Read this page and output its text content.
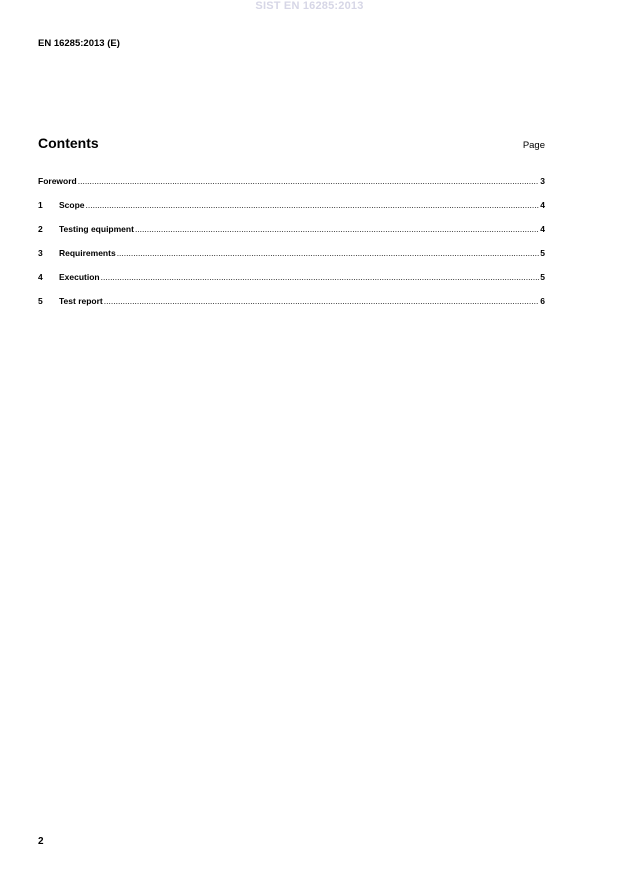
SIST EN 16285:2013
EN 16285:2013 (E)
Contents	Page
Foreword .....	3
1	Scope .....	4
2	Testing equipment .....	4
3	Requirements .....	5
4	Execution .....	5
5	Test report .....	6
2
